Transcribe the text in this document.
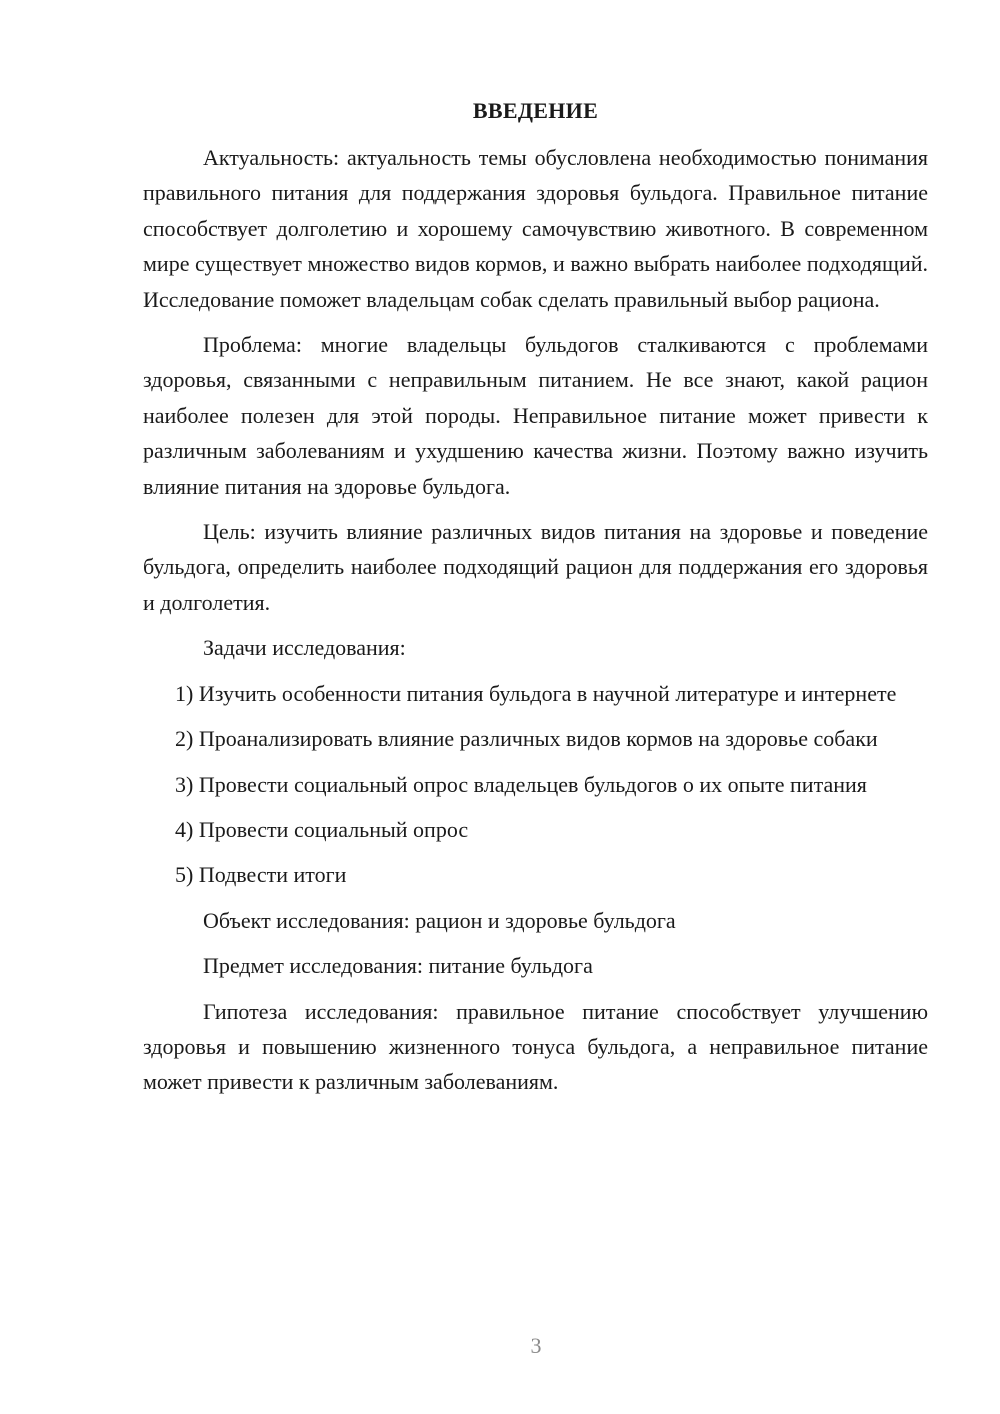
ВВЕДЕНИЕ

Актуальность: актуальность темы обусловлена необходимостью понимания правильного питания для поддержания здоровья бульдога. Правильное питание способствует долголетию и хорошему самочувствию животного. В современном мире существует множество видов кормов, и важно выбрать наиболее подходящий. Исследование поможет владельцам собак сделать правильный выбор рациона.

Проблема: многие владельцы бульдогов сталкиваются с проблемами здоровья, связанными с неправильным питанием. Не все знают, какой рацион наиболее полезен для этой породы. Неправильное питание может привести к различным заболеваниям и ухудшению качества жизни. Поэтому важно изучить влияние питания на здоровье бульдога.

Цель: изучить влияние различных видов питания на здоровье и поведение бульдога, определить наиболее подходящий рацион для поддержания его здоровья и долголетия.

Задачи исследования:

1) Изучить особенности питания бульдога в научной литературе и интернете

2) Проанализировать влияние различных видов кормов на здоровье собаки

3) Провести социальный опрос владельцев бульдогов о их опыте питания

4) Провести социальный опрос

5) Подвести итоги

Объект исследования: рацион и здоровье бульдога

Предмет исследования: питание бульдога

Гипотеза исследования: правильное питание способствует улучшению здоровья и повышению жизненного тонуса бульдога, а неправильное питание может привести к различным заболеваниям.

3
